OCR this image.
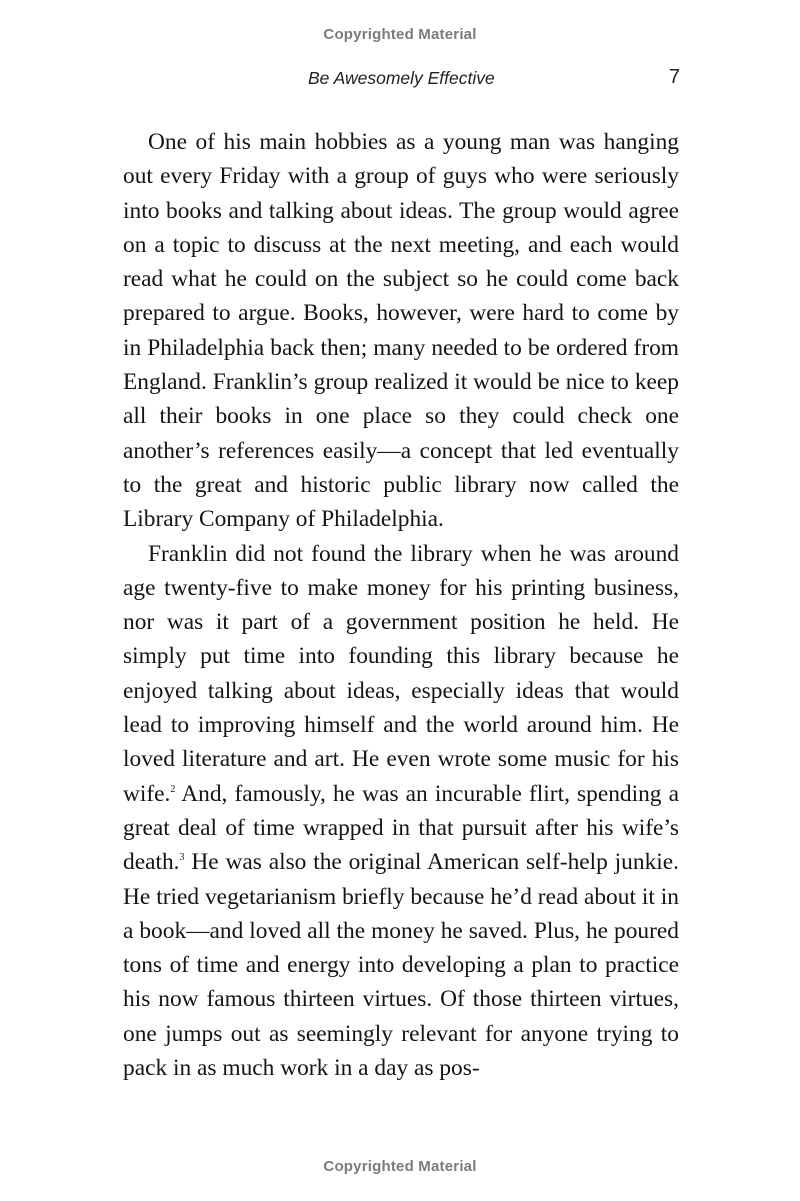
Copyrighted Material
Be Awesomely Effective	7

One of his main hobbies as a young man was hanging out every Friday with a group of guys who were seriously into books and talking about ideas. The group would agree on a topic to discuss at the next meeting, and each would read what he could on the subject so he could come back prepared to argue. Books, however, were hard to come by in Philadelphia back then; many needed to be ordered from England. Franklin’s group realized it would be nice to keep all their books in one place so they could check one another’s references easily—a concept that led eventually to the great and historic public library now called the Library Company of Philadelphia.

Franklin did not found the library when he was around age twenty-five to make money for his printing business, nor was it part of a government position he held. He simply put time into founding this library because he enjoyed talking about ideas, especially ideas that would lead to improving himself and the world around him. He loved literature and art. He even wrote some music for his wife.$^2$ And, famously, he was an incurable flirt, spending a great deal of time wrapped in that pursuit after his wife’s death.$^3$ He was also the original American self-help junkie. He tried vegetarianism briefly because he’d read about it in a book—and loved all the money he saved. Plus, he poured tons of time and energy into developing a plan to practice his now famous thirteen virtues. Of those thirteen virtues, one jumps out as seemingly relevant for anyone trying to pack in as much work in a day as pos-

Copyrighted Material
